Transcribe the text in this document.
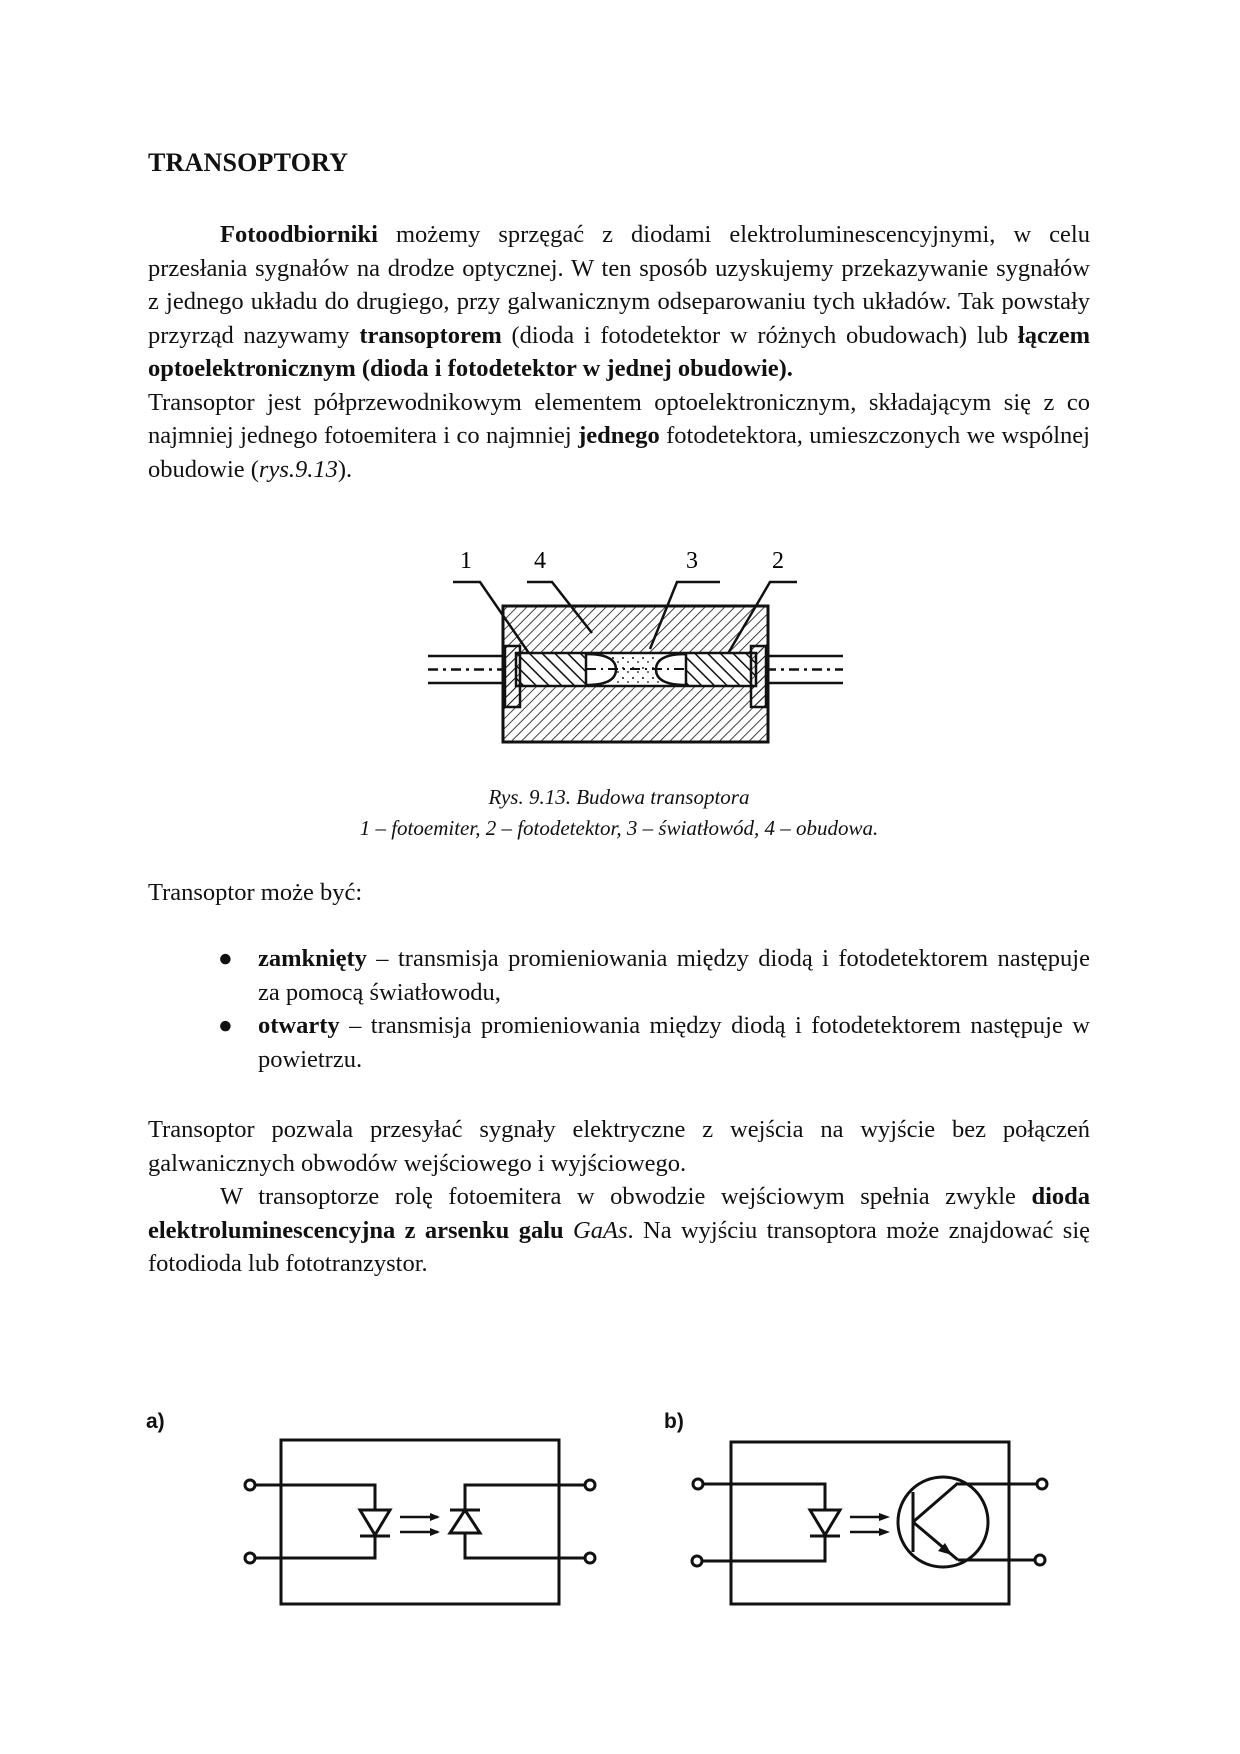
TRANSOPTORY

Fotoodbiorniki możemy sprzęgać z diodami elektroluminescencyjnymi, w celu przesłania sygnałów na drodze optycznej. W ten sposób uzyskujemy przekazywanie sygnałów z jednego układu do drugiego, przy galwanicznym odseparowaniu tych układów. Tak powstały przyrząd nazywamy transoptorem (dioda i fotodetektor w różnych obudowach) lub łączem optoelektronicznym (dioda i fotodetektor w jednej obudowie).

Transoptor jest półprzewodnikowym elementem optoelektronicznym, składającym się z co najmniej jednego fotoemitera i co najmniej jednego fotodetektora, umieszczonych we wspólnej obudowie (rys.9.13).

1	4	3	2
Rys. 9.13. Budowa transoptora
1 – fotoemiter, 2 – fotodetektor, 3 – światłowód, 4 – obudowa.
Transoptor może być:
● zamknięty – transmisja promieniowania między diodą i fotodetektorem następuje za pomocą światłowodu,
● otwarty – transmisja promieniowania między diodą i fotodetektorem następuje w powietrzu.

Transoptor pozwala przesyłać sygnały elektryczne z wejścia na wyjście bez połączeń galwanicznych obwodów wejściowego i wyjściowego.

W transoptorze rolę fotoemitera w obwodzie wejściowym spełnia zwykle dioda elektroluminescencyjna z arsenku galu GaAs. Na wyjściu transoptora może znajdować się fotodioda lub fototranzystor.

a)	b)
